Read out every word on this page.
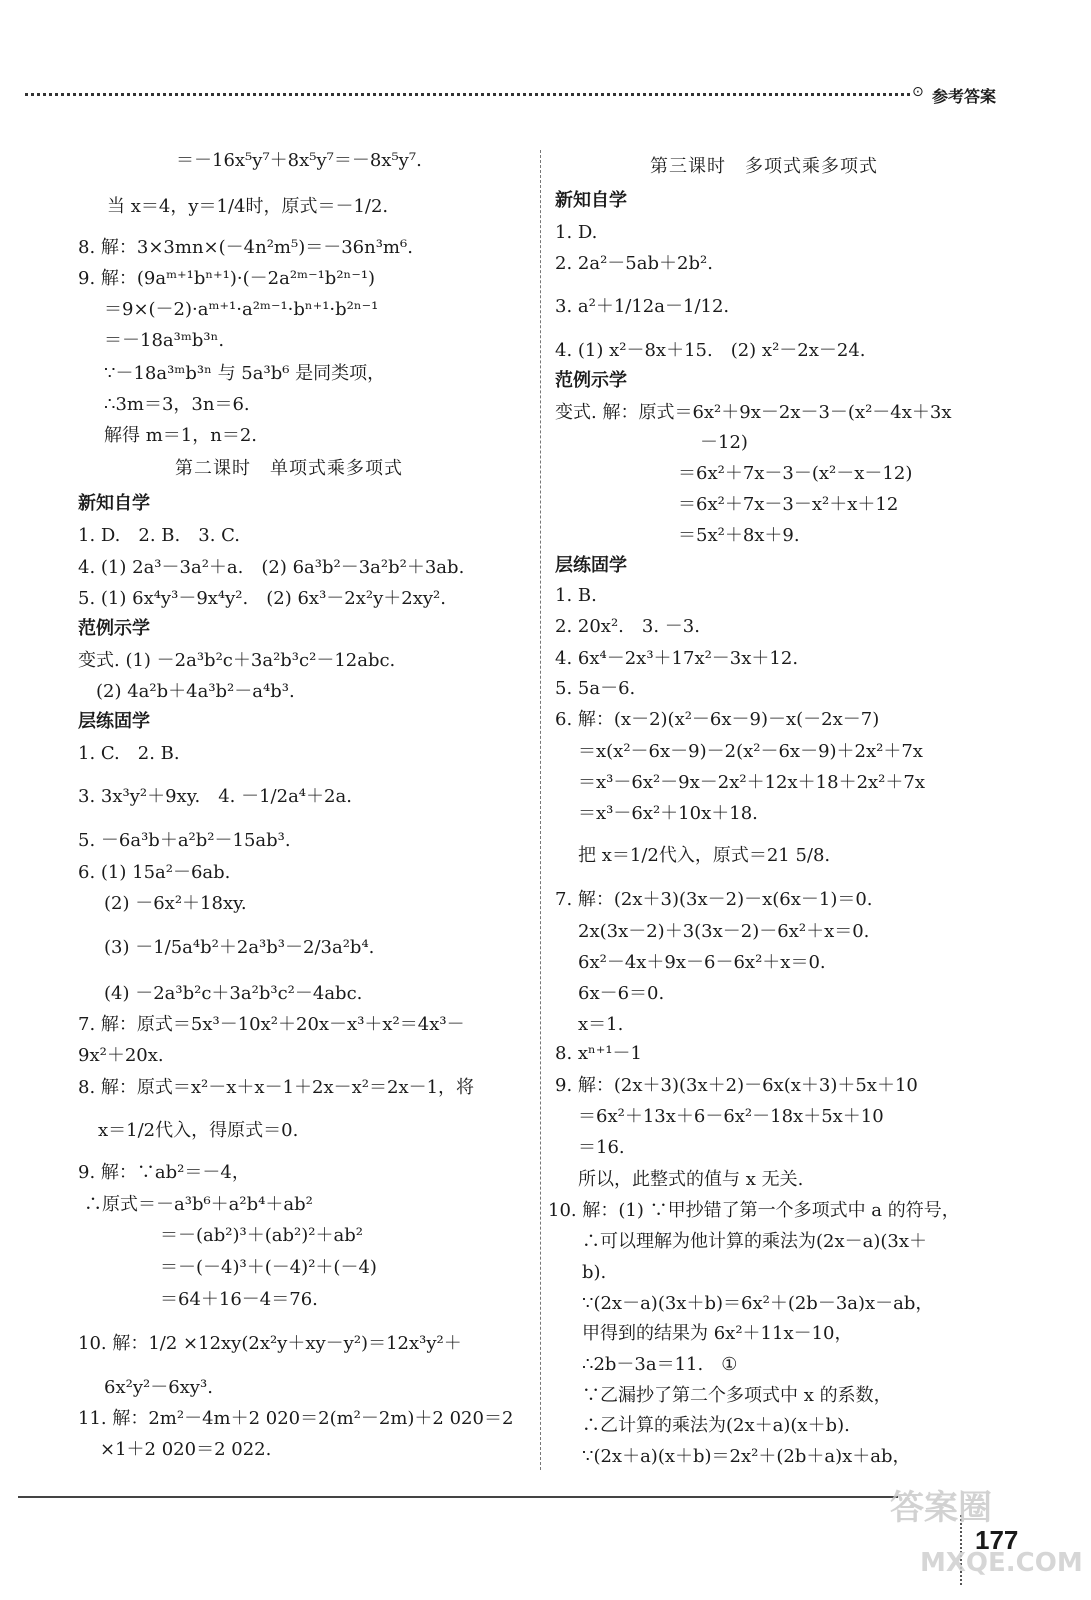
⊙ 参考答案
＝－16x⁵y⁷＋8x⁵y⁷＝－8x⁵y⁷.
当 x＝4，y＝1/4时，原式＝－1/2.
8. 解：3×3mn×(－4n²m⁵)＝－36n³m⁶.
9. 解：(9aᵐ⁺¹bⁿ⁺¹)·(－2a²ᵐ⁻¹b²ⁿ⁻¹)
＝9×(－2)·aᵐ⁺¹·a²ᵐ⁻¹·bⁿ⁺¹·b²ⁿ⁻¹
＝－18a³ᵐb³ⁿ.
∵－18a³ᵐb³ⁿ 与 5a³b⁶ 是同类项，
∴3m＝3，3n＝6.
解得 m＝1，n＝2.
第二课时　单项式乘多项式
新知自学
1. D.　2. B.　3. C.
4. (1) 2a³－3a²＋a.　(2) 6a³b²－3a²b²＋3ab.
5. (1) 6x⁴y³－9x⁴y².　(2) 6x³－2x²y＋2xy².
范例示学
变式. (1) －2a³b²c＋3a²b³c²－12abc.
(2) 4a²b＋4a³b²－a⁴b³.
层练固学
1. C.　2. B.
3. 3x³y²＋9xy.　4. －1/2a⁴＋2a.
5. －6a³b＋a²b²－15ab³.
6. (1) 15a²－6ab.
(2) －6x²＋18xy.
(3) －1/5a⁴b²＋2a³b³－2/3a²b⁴.
(4) －2a³b²c＋3a²b³c²－4abc.
7. 解：原式＝5x³－10x²＋20x－x³＋x²＝4x³－
9x²＋20x.
8. 解：原式＝x²－x＋x－1＋2x－x²＝2x－1，将
x＝1/2代入，得原式＝0.
9. 解：∵ab²＝－4，
∴原式＝－a³b⁶＋a²b⁴＋ab²
＝－(ab²)³＋(ab²)²＋ab²
＝－(－4)³＋(－4)²＋(－4)
＝64＋16－4＝76.
10. 解：1/2 ×12xy(2x²y＋xy－y²)＝12x³y²＋
6x²y²－6xy³.
11. 解：2m²－4m＋2 020＝2(m²－2m)＋2 020＝2
×1＋2 020＝2 022.
第三课时　多项式乘多项式
新知自学
1. D.
2. 2a²－5ab＋2b².
3. a²＋1/12a－1/12.
4. (1) x²－8x＋15.　(2) x²－2x－24.
范例示学
变式. 解：原式＝6x²＋9x－2x－3－(x²－4x＋3x
－12)
＝6x²＋7x－3－(x²－x－12)
＝6x²＋7x－3－x²＋x＋12
＝5x²＋8x＋9.
层练固学
1. B.
2. 20x².　3. －3.
4. 6x⁴－2x³＋17x²－3x＋12.
5. 5a－6.
6. 解：(x－2)(x²－6x－9)－x(－2x－7)
＝x(x²－6x－9)－2(x²－6x－9)＋2x²＋7x
＝x³－6x²－9x－2x²＋12x＋18＋2x²＋7x
＝x³－6x²＋10x＋18.
把 x＝1/2代入，原式＝21 5/8.
7. 解：(2x＋3)(3x－2)－x(6x－1)＝0.
2x(3x－2)＋3(3x－2)－6x²＋x＝0.
6x²－4x＋9x－6－6x²＋x＝0.
6x－6＝0.
x＝1.
8. xⁿ⁺¹－1
9. 解：(2x＋3)(3x＋2)－6x(x＋3)＋5x＋10
＝6x²＋13x＋6－6x²－18x＋5x＋10
＝16.
所以，此整式的值与 x 无关.
10. 解：(1) ∵甲抄错了第一个多项式中 a 的符号，
∴可以理解为他计算的乘法为(2x－a)(3x＋
b).
∵(2x－a)(3x＋b)＝6x²＋(2b－3a)x－ab，
甲得到的结果为 6x²＋11x－10，
∴2b－3a＝11.　①
∵乙漏抄了第二个多项式中 x 的系数，
∴乙计算的乘法为(2x＋a)(x＋b).
∵(2x＋a)(x＋b)＝2x²＋(2b＋a)x＋ab，
177
答案圈
MXQE.COM
